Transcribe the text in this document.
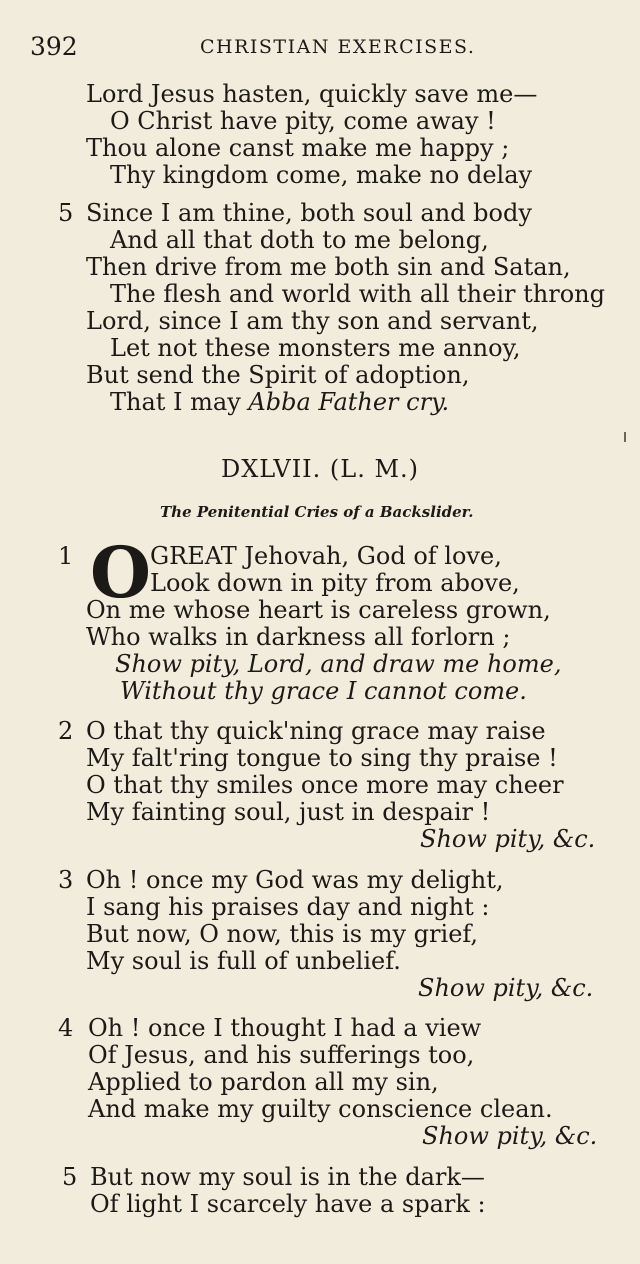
392	CHRISTIAN EXERCISES.
Lord Jesus hasten, quickly save me—
O Christ have pity, come away !
Thou alone canst make me happy ;
Thy kingdom come, make no delay
5 Since I am thine, both soul and body
And all that doth to me belong,
Then drive from me both sin and Satan,
The flesh and world with all their throng
Lord, since I am thy son and servant,
Let not these monsters me annoy,
But send the Spirit of adoption,
That I may Abba Father cry.
DXLVII. (L. M.)
The Penitential Cries of a Backslider.
1 O GREAT Jehovah, God of love,
Look down in pity from above,
On me whose heart is careless grown,
Who walks in darkness all forlorn ;
Show pity, Lord, and draw me home,
Without thy grace I cannot come.
2 O that thy quick'ning grace may raise
My falt'ring tongue to sing thy praise !
O that thy smiles once more may cheer
My fainting soul, just in despair !
Show pity, &c.
3 Oh ! once my God was my delight,
I sang his praises day and night :
But now, O now, this is my grief,
My soul is full of unbelief.
Show pity, &c.
4 Oh ! once I thought I had a view
Of Jesus, and his sufferings too,
Applied to pardon all my sin,
And make my guilty conscience clean.
Show pity, &c.
5 But now my soul is in the dark—
Of light I scarcely have a spark :
